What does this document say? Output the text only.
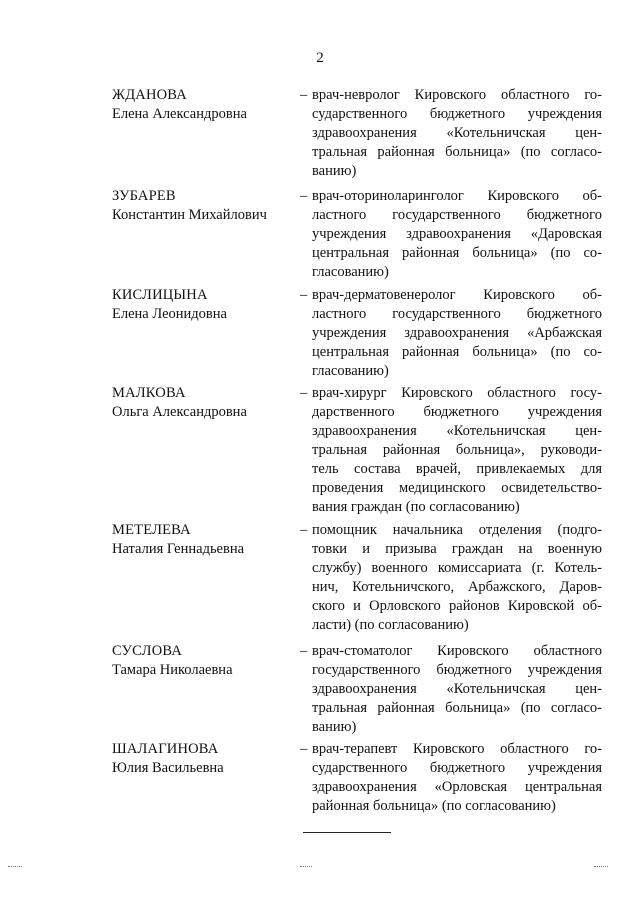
2
ЖДАНОВА
Елена Александровна
– врач-невролог Кировского областного го-
сударственного бюджетного учреждения
здравоохранения «Котельничская цен-
тральная районная больница» (по согласо-
ванию)
ЗУБАРЕВ
Константин Михайлович
– врач-оториноларинголог Кировского об-
ластного государственного бюджетного
учреждения здравоохранения «Даровская
центральная районная больница» (по со-
гласованию)
КИСЛИЦЫНА
Елена Леонидовна
– врач-дерматовенеролог Кировского об-
ластного государственного бюджетного
учреждения здравоохранения «Арбажская
центральная районная больница» (по со-
гласованию)
МАЛКОВА
Ольга Александровна
– врач-хирург Кировского областного госу-
дарственного бюджетного учреждения
здравоохранения «Котельничская цен-
тральная районная больница», руководи-
тель состава врачей, привлекаемых для
проведения медицинского освидетельство-
вания граждан (по согласованию)
МЕТЕЛЕВА
Наталия Геннадьевна
– помощник начальника отделения (подго-
товки и призыва граждан на военную
службу) военного комиссариата (г. Котель-
нич, Котельничского, Арбажского, Даров-
ского и Орловского районов Кировской об-
ласти) (по согласованию)
СУСЛОВА
Тамара Николаевна
– врач-стоматолог Кировского областного
государственного бюджетного учреждения
здравоохранения «Котельничская цен-
тральная районная больница» (по согласо-
ванию)
ШАЛАГИНОВА
Юлия Васильевна
– врач-терапевт Кировского областного го-
сударственного бюджетного учреждения
здравоохранения «Орловская центральная
районная больница» (по согласованию)
